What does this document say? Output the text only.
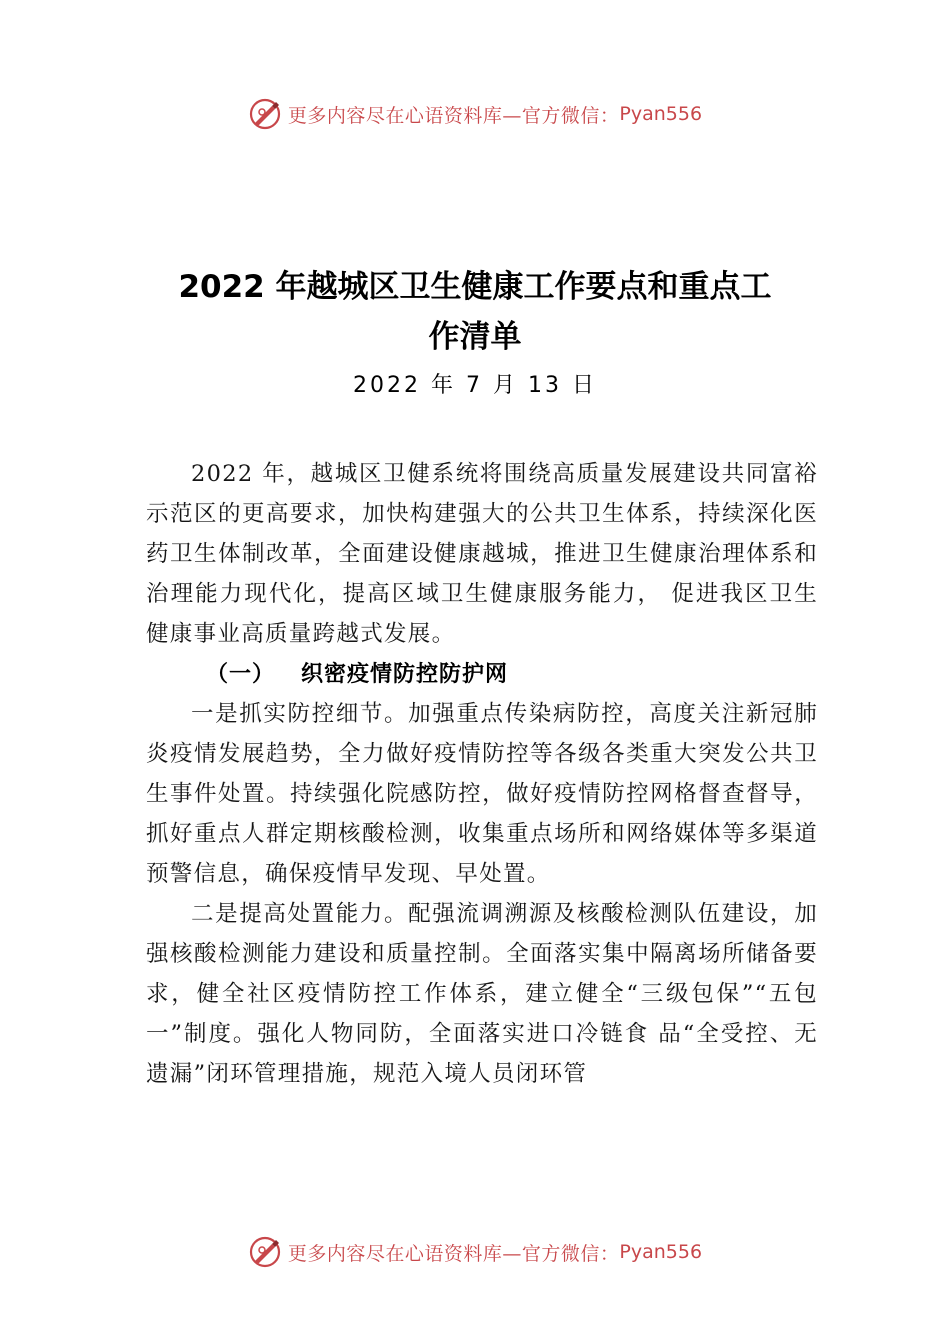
更多内容尽在心语资料库—官方微信： Pyan556
2022 年越城区卫生健康工作要点和重点工
作清单
2022 年 7 月 13 日

2022 年，越城区卫健系统将围绕高质量发展建设共同富裕示范区的更高要求，加快构建强大的公共卫生体系，持续深化医药卫生体制改革，全面建设健康越城，推进卫生健康治理体系和治理能力现代化，提高区域卫生健康服务能力， 促进我区卫生健康事业高质量跨越式发展。

（一） 织密疫情防控防护网

一是抓实防控细节。加强重点传染病防控，高度关注新冠肺炎疫情发展趋势，全力做好疫情防控等各级各类重大突发公共卫生事件处置。持续强化院感防控，做好疫情防控网格督查督导，抓好重点人群定期核酸检测，收集重点场所和网络媒体等多渠道预警信息，确保疫情早发现、早处置。

二是提高处置能力。配强流调溯源及核酸检测队伍建设，加强核酸检测能力建设和质量控制。全面落实集中隔离场所储备要求，健全社区疫情防控工作体系，建立健全“三级包保”“五包一”制度。强化人物同防，全面落实进口冷链食 品“全受控、无遗漏”闭环管理措施，规范入境人员闭环管

更多内容尽在心语资料库—官方微信： Pyan556
